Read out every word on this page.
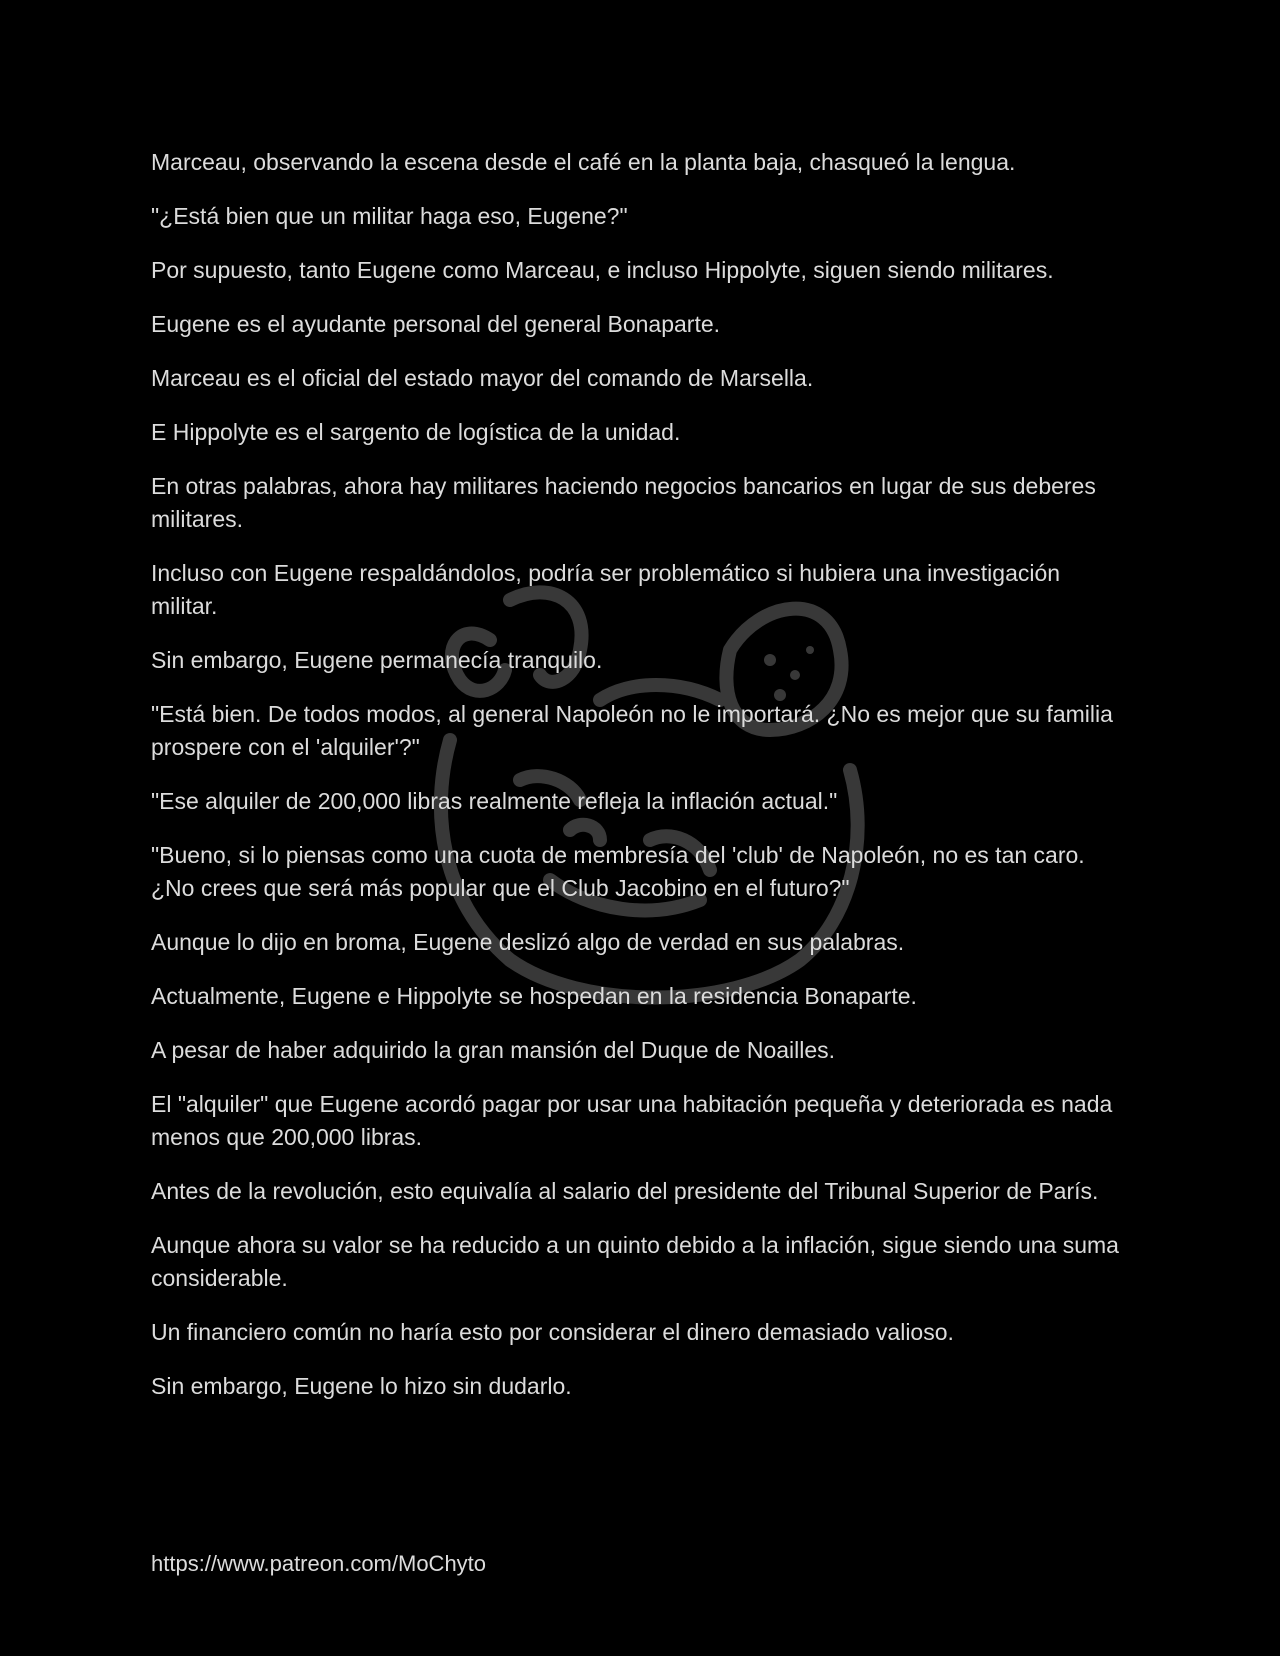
Marceau, observando la escena desde el café en la planta baja, chasqueó la lengua.

"¿Está bien que un militar haga eso, Eugene?"

Por supuesto, tanto Eugene como Marceau, e incluso Hippolyte, siguen siendo militares.

Eugene es el ayudante personal del general Bonaparte.

Marceau es el oficial del estado mayor del comando de Marsella.

E Hippolyte es el sargento de logística de la unidad.

En otras palabras, ahora hay militares haciendo negocios bancarios en lugar de sus deberes militares.

Incluso con Eugene respaldándolos, podría ser problemático si hubiera una investigación militar.

Sin embargo, Eugene permanecía tranquilo.

"Está bien. De todos modos, al general Napoleón no le importará. ¿No es mejor que su familia prospere con el 'alquiler'?"

"Ese alquiler de 200,000 libras realmente refleja la inflación actual."

"Bueno, si lo piensas como una cuota de membresía del 'club' de Napoleón, no es tan caro. ¿No crees que será más popular que el Club Jacobino en el futuro?"

Aunque lo dijo en broma, Eugene deslizó algo de verdad en sus palabras.

Actualmente, Eugene e Hippolyte se hospedan en la residencia Bonaparte.

A pesar de haber adquirido la gran mansión del Duque de Noailles.

El "alquiler" que Eugene acordó pagar por usar una habitación pequeña y deteriorada es nada menos que 200,000 libras.

Antes de la revolución, esto equivalía al salario del presidente del Tribunal Superior de París.

Aunque ahora su valor se ha reducido a un quinto debido a la inflación, sigue siendo una suma considerable.

Un financiero común no haría esto por considerar el dinero demasiado valioso.

Sin embargo, Eugene lo hizo sin dudarlo.

https://www.patreon.com/MoChyto
